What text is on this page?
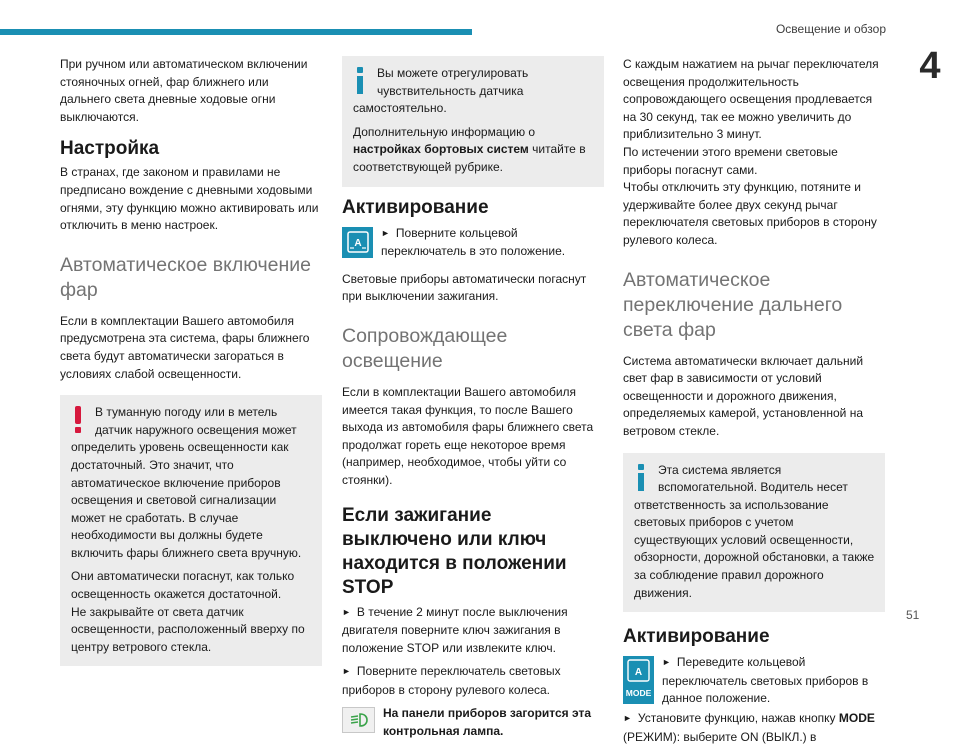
Освещение и обзор
4

При ручном или автоматическом включении стояночных огней, фар ближнего или дальнего света дневные ходовые огни выключаются.

Настройка

В странах, где законом и правилами не предписано вождение с дневными ходовыми огнями, эту функцию можно активировать или отключить в меню настроек.

Автоматическое включение фар

Если в комплектации Вашего автомобиля предусмотрена эта система, фары ближнего света будут автоматически загораться в условиях слабой освещенности.

В туманную погоду или в метель датчик наружного освещения может определить уровень освещенности как достаточный. Это значит, что автоматическое включение приборов освещения и световой сигнализации может не сработать. В случае необходимости вы должны будете включить фары ближнего света вручную.

Они автоматически погаснут, как только освещенность окажется достаточной.

Не закрывайте от света датчик освещенности, расположенный вверху по центру ветрового стекла.

Вы можете отрегулировать чувствительность датчика самостоятельно.

Дополнительную информацию о настройках бортовых систем читайте в соответствующей рубрике.

Активирование
A

► Поверните кольцевой переключатель в это положение.

Световые приборы автоматически погаснут при выключении зажигания.

Сопровождающее освещение

Если в комплектации Вашего автомобиля имеется такая функция, то после Вашего выхода из автомобиля фары ближнего света продолжат гореть еще некоторое время (например, необходимое, чтобы уйти со стоянки).

Если зажигание выключено или ключ находится в положении STOP

► В течение 2 минут после выключения двигателя поверните ключ зажигания в положение STOP или извлеките ключ.

► Поверните переключатель световых приборов в сторону рулевого колеса.

На панели приборов загорится эта контрольная лампа.

С каждым нажатием на рычаг переключателя освещения продолжительность сопровождающего освещения продлевается на 30 секунд, так ее можно увеличить до приблизительно 3 минут.

По истечении этого времени световые приборы погаснут сами.

Чтобы отключить эту функцию, потяните и удерживайте более двух секунд рычаг переключателя световых приборов в сторону рулевого колеса.

Автоматическое переключение дальнего света фар

Система автоматически включает дальний свет фар в зависимости от условий освещенности и дорожного движения, определяемых камерой, установленной на ветровом стекле.

Эта система является вспомогательной. Водитель несет ответственность за использование световых приборов с учетом существующих условий освещенности, обзорности, дорожной обстановки, а также за соблюдение правил дорожного движения.

Активирование
A
MODE

► Переведите кольцевой переключатель световых приборов в данное положение.

► Установите функцию, нажав кнопку MODE (РЕЖИМ): выберите ON (ВЫКЛ.) в

51
